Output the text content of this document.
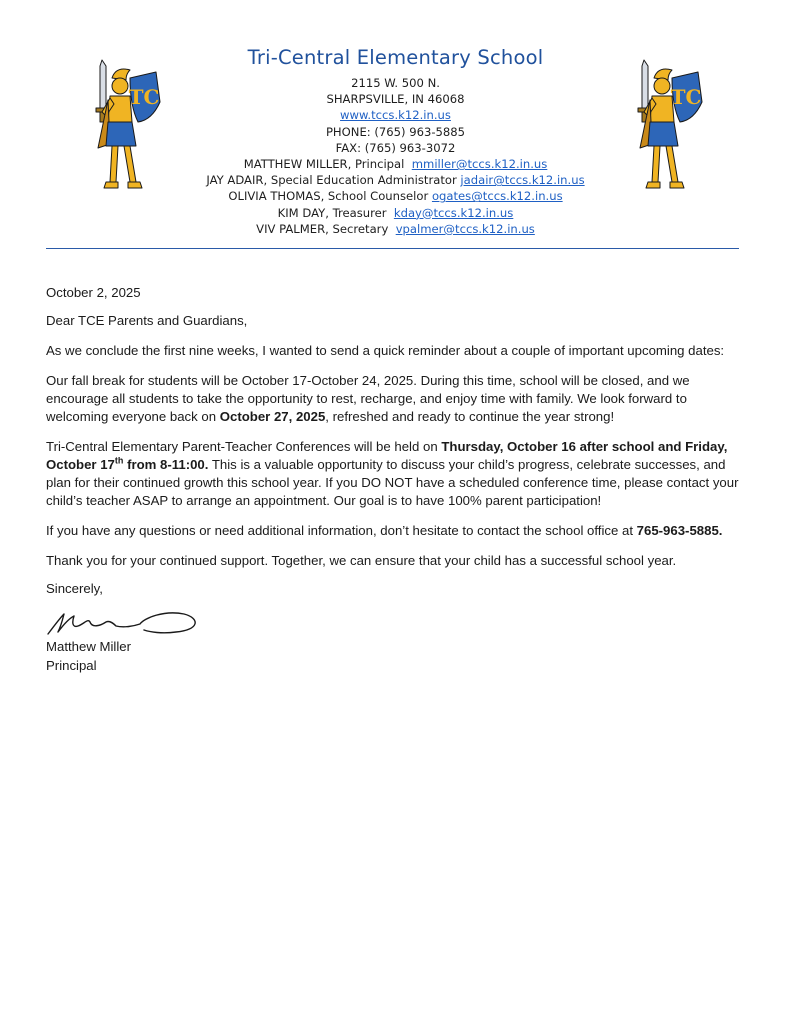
TC
Tri-Central Elementary School
2115 W. 500 N.
SHARPSVILLE, IN 46068
www.tccs.k12.in.us
PHONE: (765) 963-5885
FAX: (765) 963-3072
MATTHEW MILLER, Principal mmiller@tccs.k12.in.us
JAY ADAIR, Special Education Administrator jadair@tccs.k12.in.us
OLIVIA THOMAS, School Counselor ogates@tccs.k12.in.us
KIM DAY, Treasurer kday@tccs.k12.in.us
VIV PALMER, Secretary vpalmer@tccs.k12.in.us
TC

October 2, 2025

Dear TCE Parents and Guardians,

As we conclude the first nine weeks, I wanted to send a quick reminder about a couple of important upcoming dates:

Our fall break for students will be October 17-October 24, 2025. During this time, school will be closed, and we encourage all students to take the opportunity to rest, recharge, and enjoy time with family. We look forward to welcoming everyone back on October 27, 2025, refreshed and ready to continue the year strong!

Tri-Central Elementary Parent-Teacher Conferences will be held on Thursday, October 16 after school and Friday, October 17th from 8-11:00. This is a valuable opportunity to discuss your child’s progress, celebrate successes, and plan for their continued growth this school year. If you DO NOT have a scheduled conference time, please contact your child’s teacher ASAP to arrange an appointment. Our goal is to have 100% parent participation!

If you have any questions or need additional information, don’t hesitate to contact the school office at 765-963-5885.

Thank you for your continued support. Together, we can ensure that your child has a successful school year.

Sincerely,
Matthew Miller
Principal
